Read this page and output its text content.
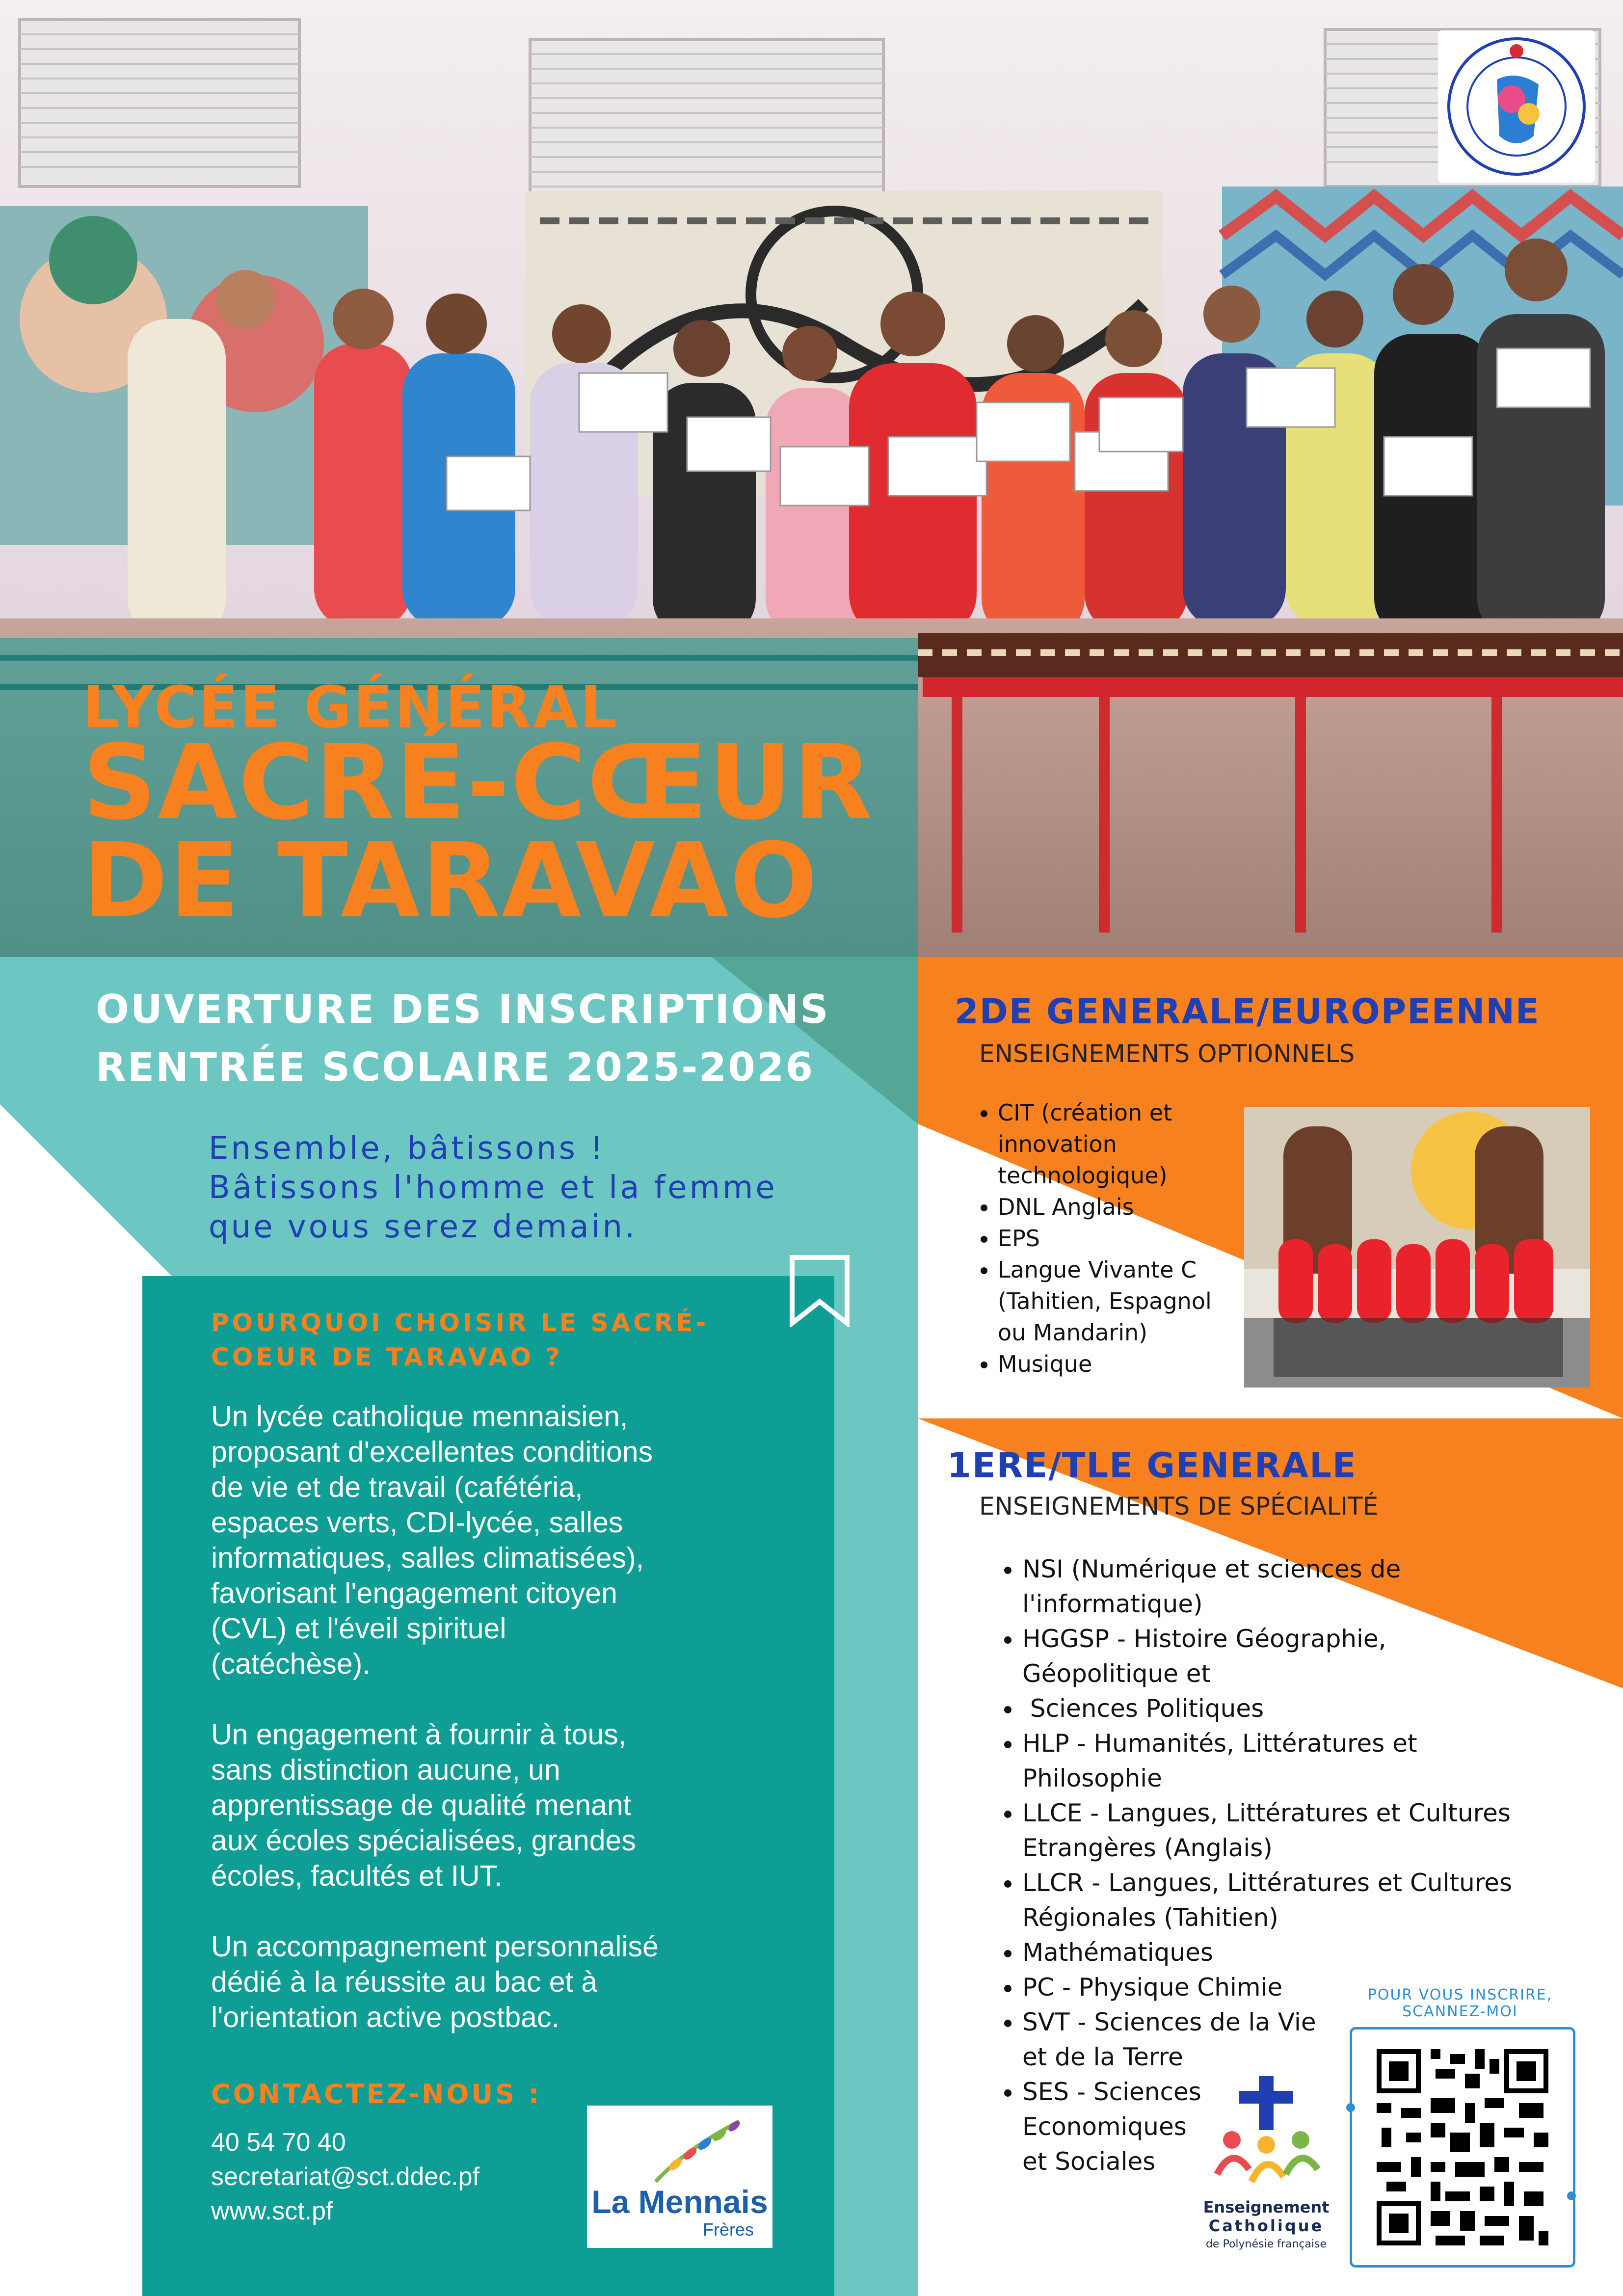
LYCÉE GÉNÉRAL
SACRÉ-CŒUR
DE TARAVAO
OUVERTURE DES INSCRIPTIONS
RENTRÉE SCOLAIRE 2025-2026
Ensemble, bâtissons !
Bâtissons l'homme et la femme
que vous serez demain.
POURQUOI CHOISIR LE SACRÉ-
COEUR DE TARAVAO ?
Un lycée catholique mennaisien,
proposant d'excellentes conditions
de vie et de travail (cafétéria,
espaces verts, CDI-lycée, salles
informatiques, salles climatisées),
favorisant l'engagement citoyen
(CVL) et l'éveil spirituel
(catéchèse).
Un engagement à fournir à tous,
sans distinction aucune, un
apprentissage de qualité menant
aux écoles spécialisées, grandes
écoles, facultés et IUT.
Un accompagnement personnalisé
dédié à la réussite au bac et à
l'orientation active postbac.
CONTACTEZ-NOUS :
40 54 70 40
secretariat@sct.ddec.pf
www.sct.pf	La Mennais
Frères
2DE GENERALE/EUROPEENNE
ENSEIGNEMENTS OPTIONNELS
• CIT (création et
innovation
technologique)
• DNL Anglais
• EPS
• Langue Vivante C
(Tahitien, Espagnol
ou Mandarin)
• Musique
1ERE/TLE GENERALE
ENSEIGNEMENTS DE SPÉCIALITÉ
• NSI (Numérique et sciences de
l'informatique)
• HGGSP - Histoire Géographie,
Géopolitique et
•  Sciences Politiques
• HLP - Humanités, Littératures et
Philosophie
• LLCE - Langues, Littératures et Cultures
Etrangères (Anglais)
• LLCR - Langues, Littératures et Cultures
Régionales (Tahitien)
• Mathématiques
• PC - Physique Chimie
• SVT - Sciences de la Vie
et de la Terre
• SES - Sciences
Economiques
et Sociales
Enseignement
Catholique
de Polynésie française
POUR VOUS INSCRIRE,
SCANNEZ-MOI
